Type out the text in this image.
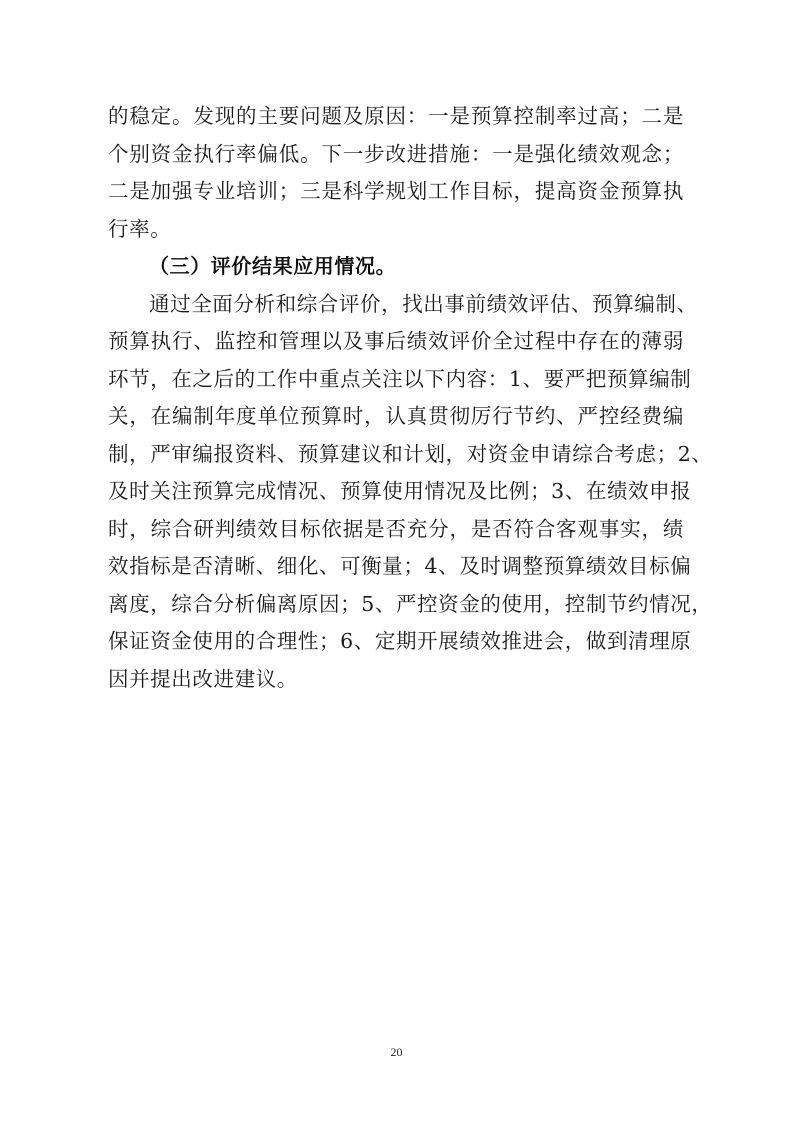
的稳定。发现的主要问题及原因：一是预算控制率过高；二是
个别资金执行率偏低。下一步改进措施：一是强化绩效观念；
二是加强专业培训；三是科学规划工作目标，提高资金预算执
行率。

（三）评价结果应用情况。

通过全面分析和综合评价，找出事前绩效评估、预算编制、
预算执行、监控和管理以及事后绩效评价全过程中存在的薄弱
环节，在之后的工作中重点关注以下内容：1、要严把预算编制
关，在编制年度单位预算时，认真贯彻厉行节约、严控经费编
制，严审编报资料、预算建议和计划，对资金申请综合考虑；2、
及时关注预算完成情况、预算使用情况及比例；3、在绩效申报
时，综合研判绩效目标依据是否充分，是否符合客观事实，绩
效指标是否清晰、细化、可衡量；4、及时调整预算绩效目标偏
离度，综合分析偏离原因；5、严控资金的使用，控制节约情况，
保证资金使用的合理性；6、定期开展绩效推进会，做到清理原
因并提出改进建议。

20
